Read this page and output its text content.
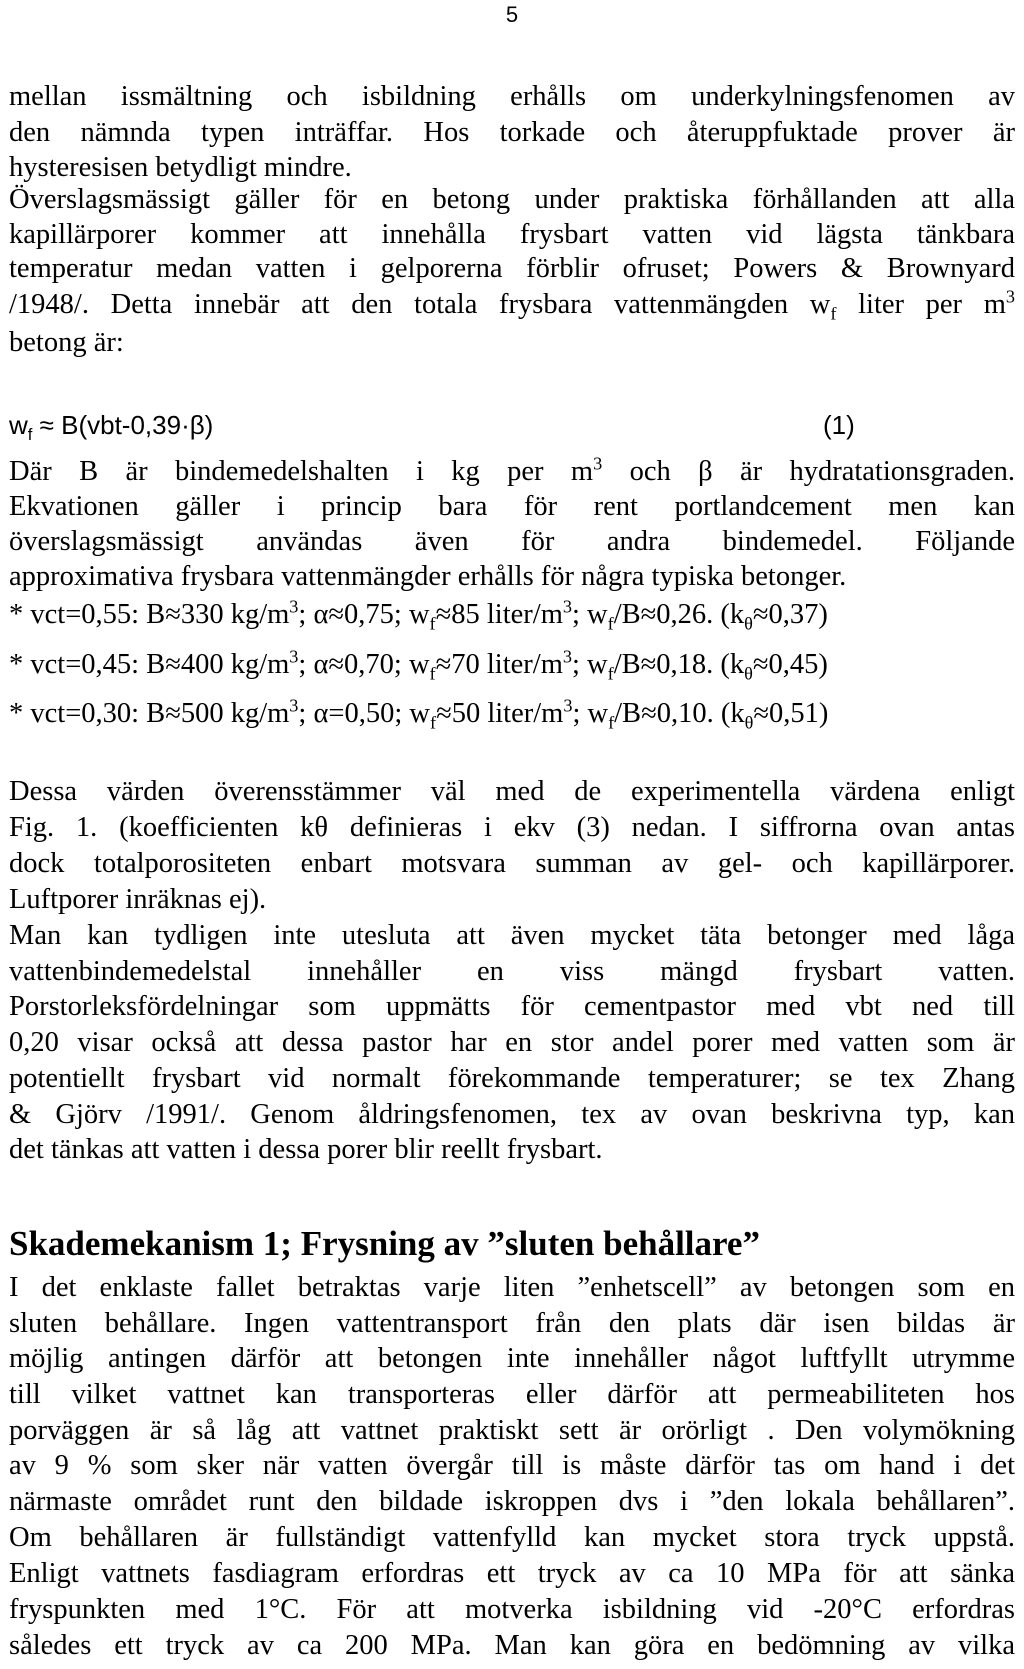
5
mellan issmältning och isbildning erhålls om underkylningsfenomen av
den nämnda typen inträffar. Hos torkade och återuppfuktade prover är
hysteresisen betydligt mindre.
Överslagsmässigt gäller för en betong under praktiska förhållanden att alla
kapillärporer kommer att innehålla frysbart vatten vid lägsta tänkbara
temperatur medan vatten i gelporerna förblir ofruset; Powers & Brownyard
/1948/. Detta innebär att den totala frysbara vattenmängden $w_f$ liter per $m^3$
betong är:
$w_f \approx B(vbt-0,39\cdot\beta)$	(1)
Där B är bindemedelshalten i kg per $m^3$ och β är hydratationsgraden.
Ekvationen gäller i princip bara för rent portlandcement men kan
överslagsmässigt användas även för andra bindemedel. Följande
approximativa frysbara vattenmängder erhålls för några typiska betonger.
* vct=0,55: B≈330 $kg/m^3$; α≈0,75; $w_f\approx 85$ liter/$m^3$; $w_f/B\approx 0,26$. $(k_\theta\approx 0,37)$
* vct=0,45: B≈400 $kg/m^3$; α≈0,70; $w_f\approx 70$ liter/$m^3$; $w_f/B\approx 0,18$. $(k_\theta\approx 0,45)$
* vct=0,30: B≈500 $kg/m^3$; α=0,50; $w_f\approx 50$ liter/$m^3$; $w_f/B\approx 0,10$. $(k_\theta\approx 0,51)$
Dessa värden överensstämmer väl med de experimentella värdena enligt
Fig. 1. (koefficienten kθ definieras i ekv (3) nedan. I siffrorna ovan antas
dock totalporositeten enbart motsvara summan av gel- och kapillärporer.
Luftporer inräknas ej).
Man kan tydligen inte utesluta att även mycket täta betonger med låga
vattenbindemedelstal innehåller en viss mängd frysbart vatten.
Porstorleksfördelningar som uppmätts för cementpastor med vbt ned till
0,20 visar också att dessa pastor har en stor andel porer med vatten som är
potentiellt frysbart vid normalt förekommande temperaturer; se tex Zhang
& Gjörv /1991/. Genom åldringsfenomen, tex av ovan beskrivna typ, kan
det tänkas att vatten i dessa porer blir reellt frysbart.
Skademekanism 1; Frysning av ”sluten behållare”
I det enklaste fallet betraktas varje liten ”enhetscell” av betongen som en
sluten behållare. Ingen vattentransport från den plats där isen bildas är
möjlig antingen därför att betongen inte innehåller något luftfyllt utrymme
till vilket vattnet kan transporteras eller därför att permeabiliteten hos
porväggen är så låg att vattnet praktiskt sett är orörligt . Den volymökning
av 9 % som sker när vatten övergår till is måste därför tas om hand i det
närmaste området runt den bildade iskroppen dvs i ”den lokala behållaren”.
Om behållaren är fullständigt vattenfylld kan mycket stora tryck uppstå.
Enligt vattnets fasdiagram erfordras ett tryck av ca 10 MPa för att sänka
fryspunkten med 1°C. För att motverka isbildning vid -20°C erfordras
således ett tryck av ca 200 MPa. Man kan göra en bedömning av vilka
